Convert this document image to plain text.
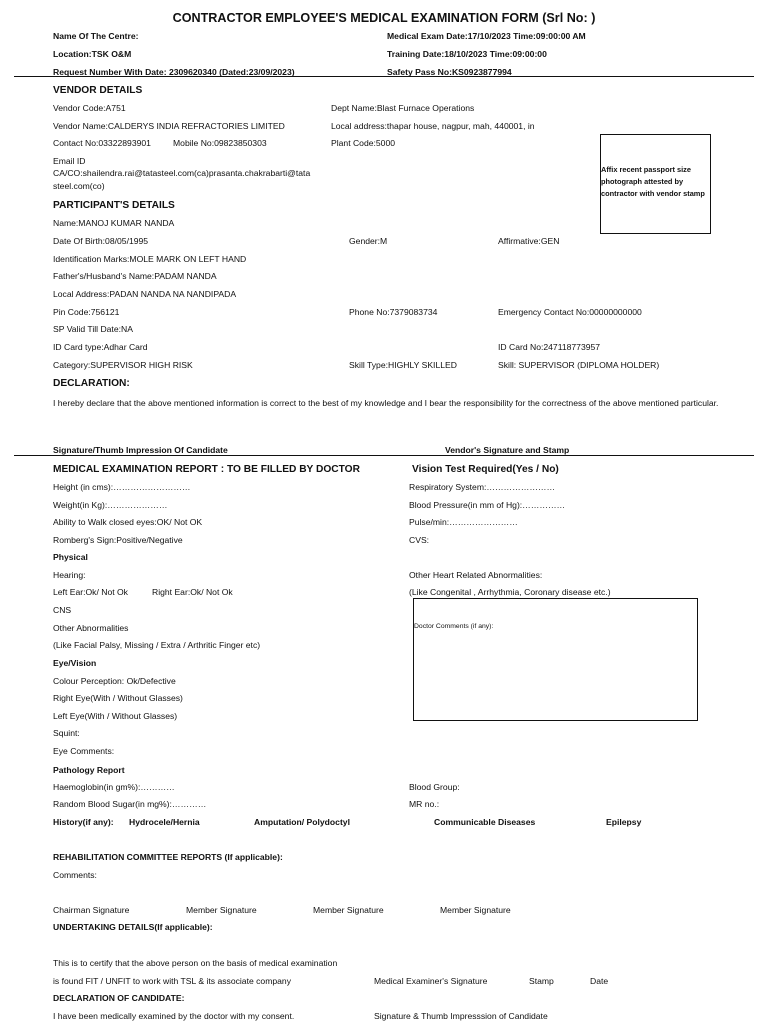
CONTRACTOR EMPLOYEE'S MEDICAL EXAMINATION FORM (Srl No: )
Name Of The Centre:	Medical Exam Date:17/10/2023 Time:09:00:00 AM
Location:TSK O&M	Training Date:18/10/2023 Time:09:00:00
Request Number With Date: 2309620340 (Dated:23/09/2023)	Safety Pass No:KS0923877994
VENDOR DETAILS
Vendor Code:A751	Dept Name:Blast Furnace Operations
Vendor Name:CALDERYS INDIA REFRACTORIES LIMITED	Local address:thapar house, nagpur, mah, 440001, in
Contact No:03322893901	Mobile No:09823850303	Plant Code:5000
Email ID
CA/CO:shailendra.rai@tatasteel.com(ca)prasanta.chakrabarti@tata
steel.com(co)
Affix recent passport size photograph attested by contractor with vendor stamp
PARTICIPANT'S DETAILS
Name:MANOJ KUMAR NANDA
Date Of Birth:08/05/1995	Gender:M	Affirmative:GEN
Identification Marks:MOLE MARK ON LEFT HAND
Father's/Husband's Name:PADAM NANDA
Local Address:PADAN NANDA NA NANDIPADA
Pin Code:756121	Phone No:7379083734	Emergency Contact No:00000000000
SP Valid Till Date:NA
ID Card type:Adhar Card	ID Card No:247118773957
Category:SUPERVISOR HIGH RISK	Skill Type:HIGHLY SKILLED	Skill: SUPERVISOR (DIPLOMA HOLDER)
DECLARATION:
I hereby declare that the above mentioned information is correct to the best of my knowledge and I bear the responsibility for the correctness of the above mentioned particular.
Signature/Thumb Impression Of Candidate	Vendor's Signature and Stamp
MEDICAL EXAMINATION REPORT : TO BE FILLED BY DOCTOR	Vision Test Required(Yes / No)
Height (in cms):………………………	Respiratory System:……………………
Weight(in Kg):…………………	Blood Pressure(in mm of Hg):……………
Ability to Walk closed eyes:OK/ Not OK	Pulse/min:……………………
Romberg's Sign:Positive/Negative	CVS:
Physical
Hearing:	Other Heart Related Abnormalities:
Left Ear:Ok/ Not Ok	Right Ear:Ok/ Not Ok	(Like Congenital , Arrhythmia, Coronary disease etc.)
CNS
Doctor Comments (if any):
Other Abnormalities
(Like Facial Palsy, Missing / Extra / Arthritic Finger etc)
Eye/Vision
Colour Perception: Ok/Defective
Right Eye(With / Without Glasses)
Left Eye(With / Without Glasses)
Squint:
Eye Comments:
Pathology Report
Haemoglobin(in gm%):…………	Blood Group:
Random Blood Sugar(in mg%):…………	MR no.:
History(if any): Hydrocele/Hernia	Amputation/ Polydoctyl	Communicable Diseases	Epilepsy
REHABILITATION COMMITTEE REPORTS (If applicable):
Comments:
Chairman Signature	Member Signature	Member Signature	Member Signature
UNDERTAKING DETAILS(If applicable):
This is to certify that the above person on the basis of medical examination
is found FIT / UNFIT to work with TSL & its associate company	Medical Examiner's Signature	Stamp	Date
DECLARATION OF CANDIDATE:
I have been medically examined by the doctor with my consent.	Signature & Thumb Impresssion of Candidate
